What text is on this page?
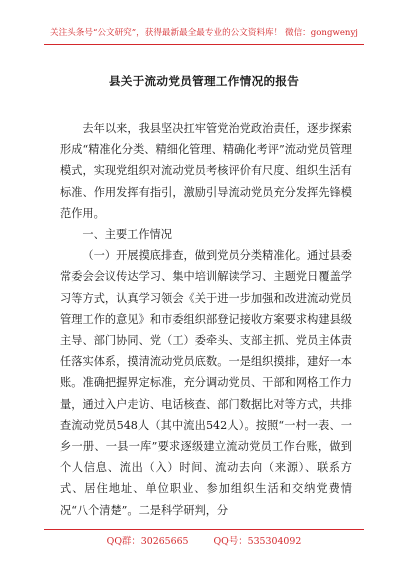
关注头条号“公文研究”，获得最新最全最专业的公文资料库！ 微信：gongwenyj
县关于流动党员管理工作情况的报告

去年以来，我县坚决扛牢管党治党政治责任，逐步探索形成“精准化分类、精细化管理、精确化考评”流动党员管理模式，实现党组织对流动党员考核评价有尺度、组织生活有标准、作用发挥有指引，激励引导流动党员充分发挥先锋模范作用。

一、主要工作情况

（一）开展摸底排查，做到党员分类精准化。通过县委常委会会议传达学习、集中培训解读学习、主题党日覆盖学习等方式，认真学习领会《关于进一步加强和改进流动党员管理工作的意见》和市委组织部登记接收方案要求构建县级主导、部门协同、党（工）委牵头、支部主抓、党员主体责任落实体系，摸清流动党员底数。一是组织摸排，建好一本账。准确把握界定标准，充分调动党员、干部和网格工作力量，通过入户走访、电话核查、部门数据比对等方式，共排查流动党员548人（其中流出542人）。按照“一村一表、一乡一册、一县一库”要求逐级建立流动党员工作台账，做到个人信息、流出（入）时间、流动去向（来源）、联系方式、居住地址、单位职业、参加组织生活和交纳党费情况“八个清楚”。二是科学研判，分

QQ群：30265665	QQ号：535304092
